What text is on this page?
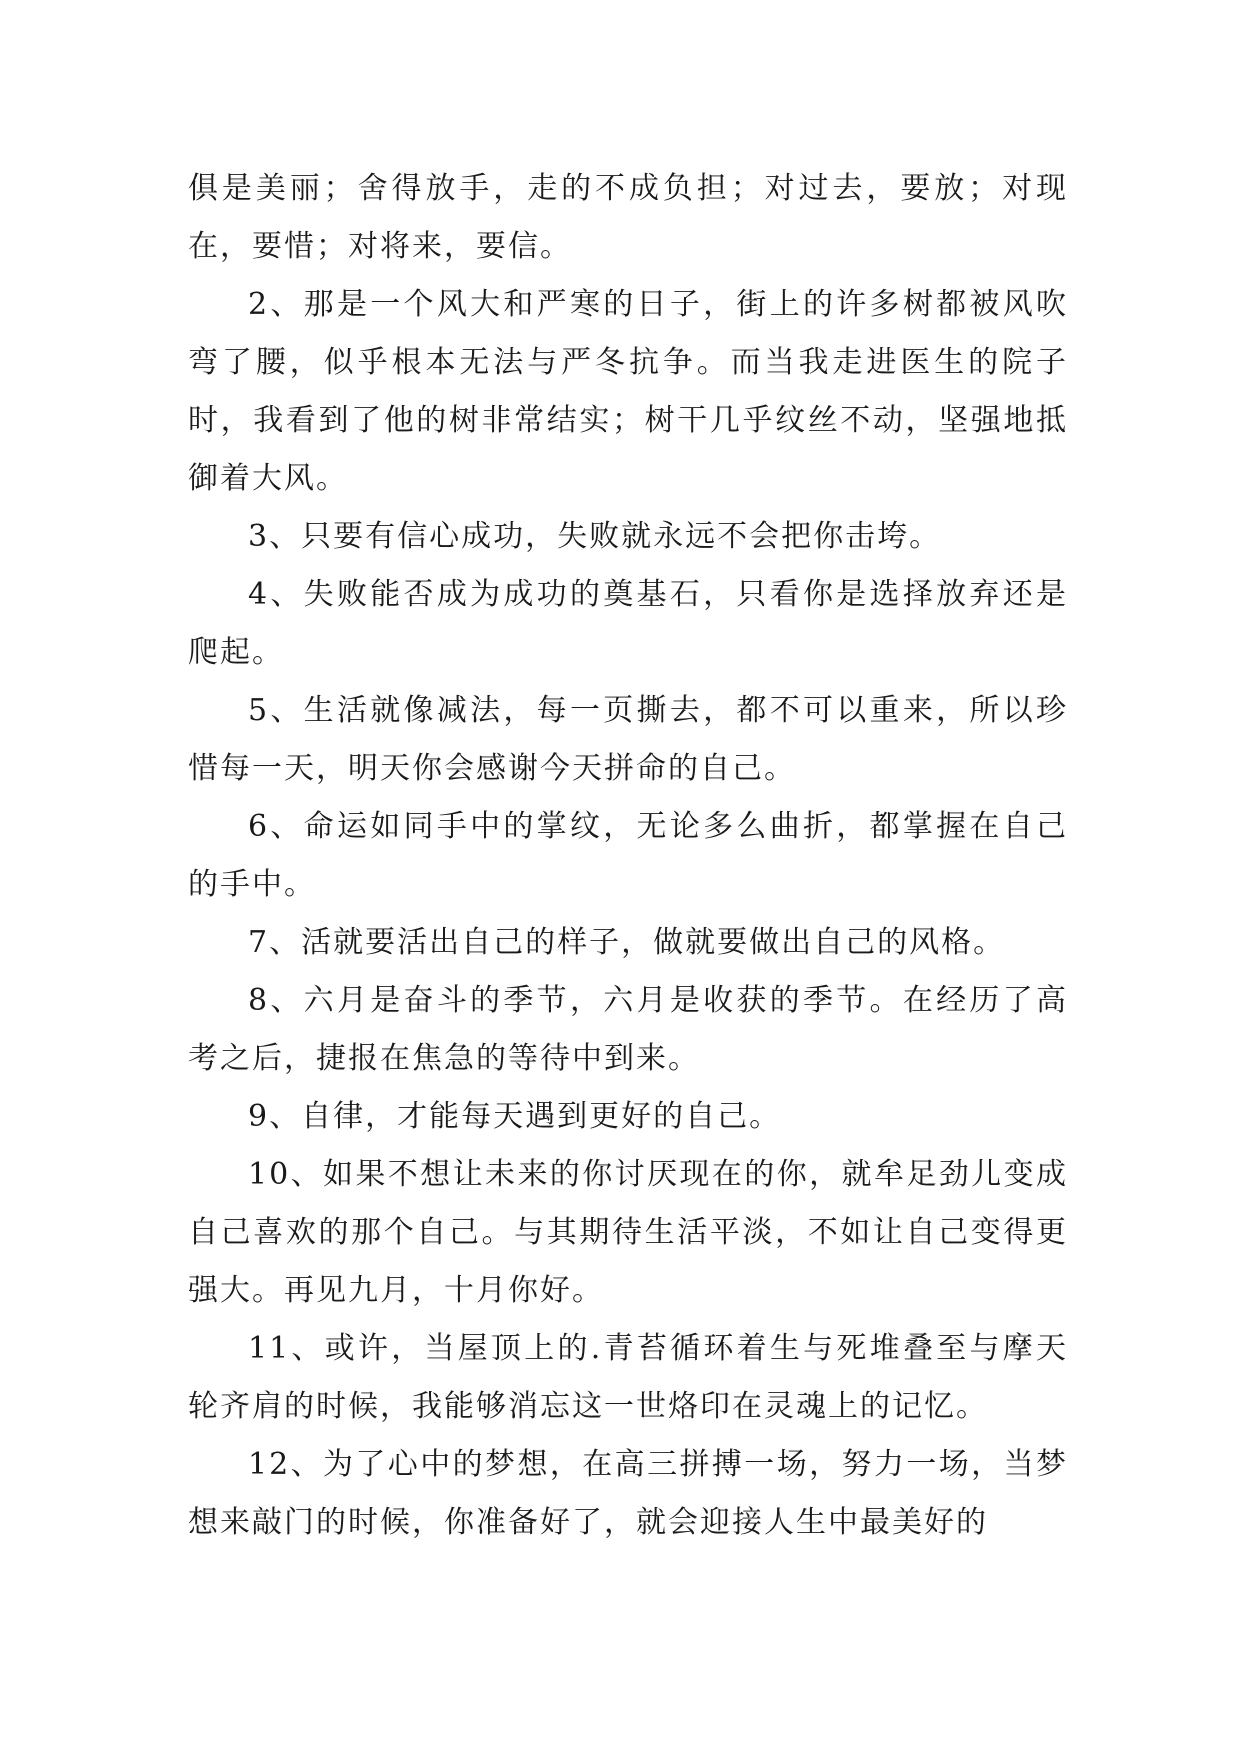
俱是美丽；舍得放手，走的不成负担；对过去，要放；对现在，要惜；对将来，要信。

2、那是一个风大和严寒的日子，街上的许多树都被风吹弯了腰，似乎根本无法与严冬抗争。而当我走进医生的院子时，我看到了他的树非常结实；树干几乎纹丝不动，坚强地抵御着大风。

3、只要有信心成功，失败就永远不会把你击垮。

4、失败能否成为成功的奠基石，只看你是选择放弃还是爬起。

5、生活就像减法，每一页撕去，都不可以重来，所以珍惜每一天，明天你会感谢今天拼命的自己。

6、命运如同手中的掌纹，无论多么曲折，都掌握在自己的手中。

7、活就要活出自己的样子，做就要做出自己的风格。

8、六月是奋斗的季节，六月是收获的季节。在经历了高考之后，捷报在焦急的等待中到来。

9、自律，才能每天遇到更好的自己。

10、如果不想让未来的你讨厌现在的你，就牟足劲儿变成自己喜欢的那个自己。与其期待生活平淡，不如让自己变得更强大。再见九月，十月你好。

11、或许，当屋顶上的.青苔循环着生与死堆叠至与摩天轮齐肩的时候，我能够消忘这一世烙印在灵魂上的记忆。

12、为了心中的梦想，在高三拼搏一场，努力一场，当梦想来敲门的时候，你准备好了，就会迎接人生中最美好的
